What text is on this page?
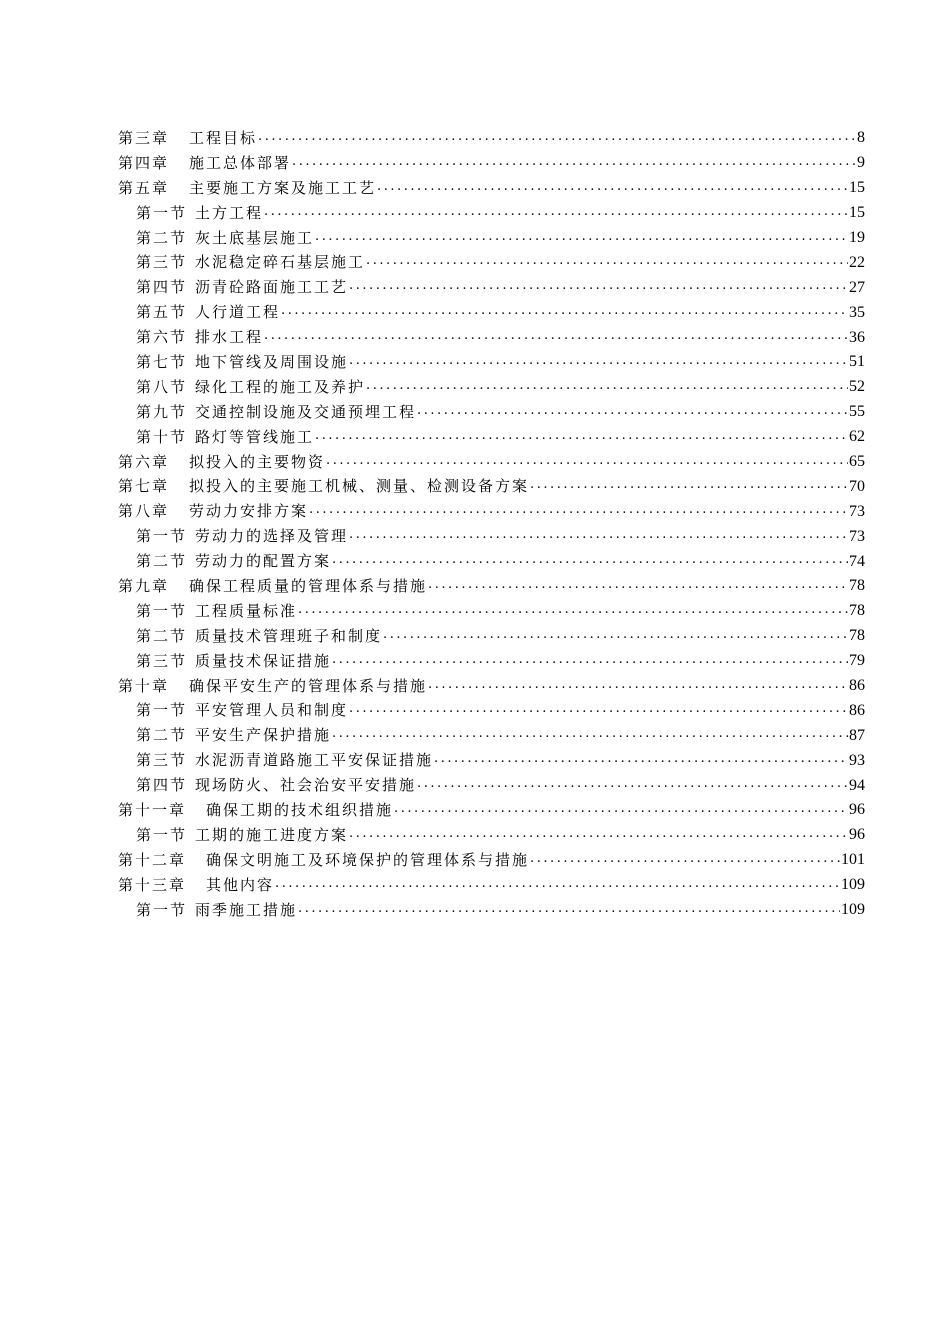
第三章 工程目标 . . .	8
第四章 施工总体部署 . . .	9
第五章 主要施工方案及施工工艺 . . .	15
第一节 土方工程 . . .	15
第二节 灰土底基层施工 . . .	19
第三节 水泥稳定碎石基层施工 . . .	22
第四节 沥青砼路面施工工艺 . . .	27
第五节 人行道工程 . . .	35
第六节 排水工程 . . .	36
第七节 地下管线及周围设施 . . .	51
第八节 绿化工程的施工及养护 . . .	52
第九节 交通控制设施及交通预埋工程 . . .	55
第十节 路灯等管线施工 . . .	62
第六章 拟投入的主要物资 . . .	65
第七章 拟投入的主要施工机械、测量、检测设备方案 . . .	70
第八章 劳动力安排方案 . . .	73
第一节 劳动力的选择及管理 . . .	73
第二节 劳动力的配置方案 . . .	74
第九章 确保工程质量的管理体系与措施 . . .	78
第一节 工程质量标准 . . .	78
第二节 质量技术管理班子和制度 . . .	78
第三节 质量技术保证措施 . . .	79
第十章 确保平安生产的管理体系与措施 . . .	86
第一节 平安管理人员和制度 . . .	86
第二节 平安生产保护措施 . . .	87
第三节 水泥沥青道路施工平安保证措施 . . .	93
第四节 现场防火、社会治安平安措施 . . .	94
第十一章 确保工期的技术组织措施 . . .	96
第一节 工期的施工进度方案 . . .	96
第十二章 确保文明施工及环境保护的管理体系与措施 . . .	101
第十三章 其他内容 . . .	109
第一节 雨季施工措施 . . .	109
